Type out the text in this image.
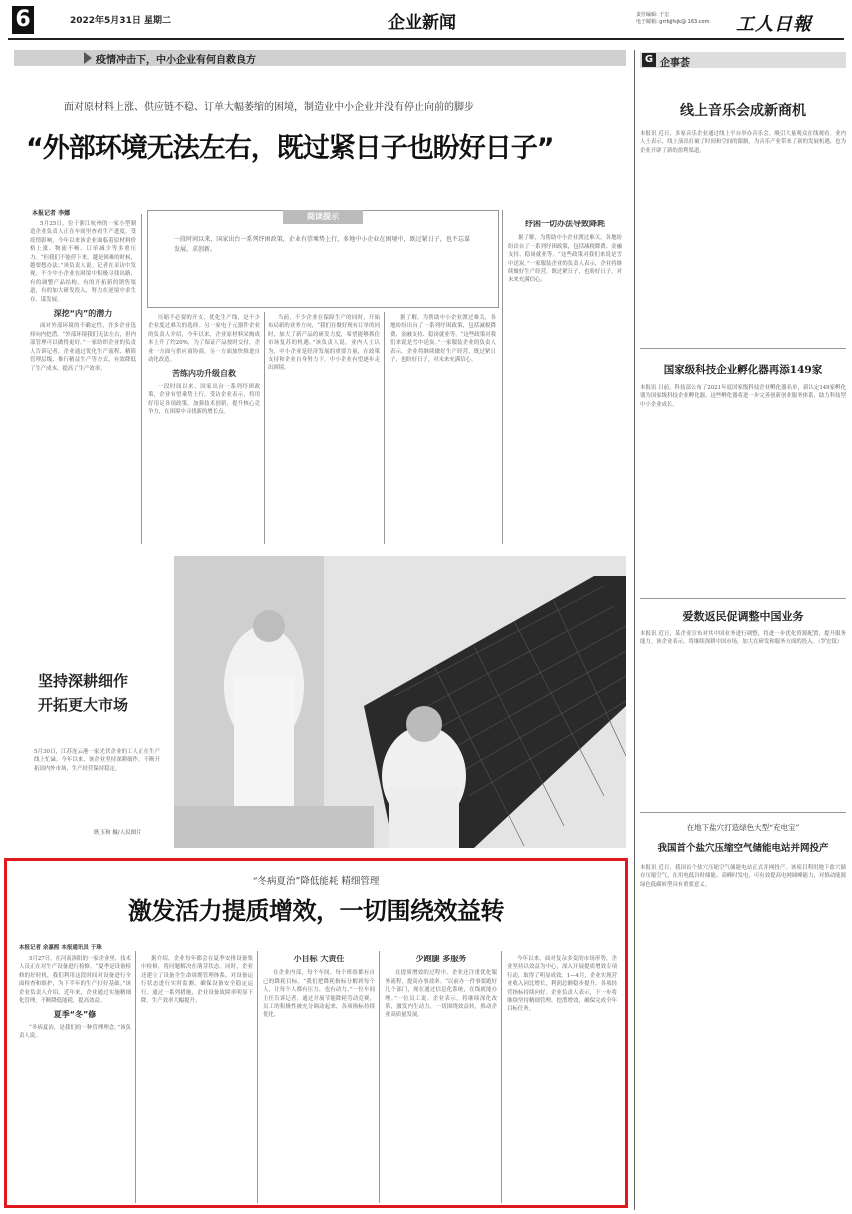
6	2022年5月31日 星期二	企业新闻	责任编辑: 于宏
电子邮箱: grrbjjfsjk@ 163.com	工人日報
疫情冲击下，中小企业有何自救良方
面对原材料上涨、供应链不稳、订单大幅萎缩的困境，制造业中小企业并没有停止向前的脚步
“外部环境无法左右，既过紧日子也盼好日子”
本报记者 李娜

5月25日，位于浙江杭州的一家小型制造企业负责人正在车间里查看生产进度。受疫情影响，今年以来该企业面临着原材料价格上涨、物流不畅、订单减少等多重压力。“但我们不能停下来，越是困难的时候，越要想办法。”该负责人说。记者在采访中发现，不少中小企业在困境中积极寻找出路，有的调整产品结构，有的开拓新的销售渠道，有的加大研发投入，努力在逆境中求生存、谋发展。

深挖“内”的潜力

面对外部环境的不确定性，许多企业选择向内挖潜。“外部环境我们无法左右，但内部管理可以做得更好。”一家纺织企业的负责人告诉记者，企业通过优化生产流程、精简管理层级、推行精益生产等方式，有效降低了生产成本，提高了生产效率。

阅读提示
一段时间以来，国家出台一系列纾困政策，企业有望乘势上行，多地中小企业在困境中，既过紧日子，也不忘谋发展、求创新。

压缩不必要的开支、优化生产线，是不少企业度过难关的选择。另一家电子元器件企业的负责人介绍，今年以来，企业原材料采购成本上升了约20%，为了保证产品按时交付，企业一方面与供应商协商，另一方面加快推进自动化改造。

苦练内功升级自救

一段时间以来，国家出台一系列纾困政策，企业有望乘势上行。受访企业表示，将用好用足各项政策，加强技术创新，提升核心竞争力，在困境中寻找新的增长点。

当前，不少企业在保障生产的同时，开始布局新的业务方向，“我们在做好现有订单的同时，加大了新产品的研发力度，希望能够抓住市场复苏的机遇。”该负责人说。业内人士认为，中小企业是经济发展的重要力量，在政策支持和企业自身努力下，中小企业有望逐步走出困境。

据了解，为帮助中小企业渡过难关，各地纷纷出台了一系列纾困政策，包括减税降费、金融支持、稳岗就业等。“这些政策对我们来说是雪中送炭。”一家服装企业的负责人表示，企业将继续做好生产经营，既过紧日子，也盼好日子，对未来充满信心。

纾困一切办法导致降耗

据了解，为帮助中小企业渡过难关，各地纷纷出台了一系列纾困政策，包括减税降费、金融支持、稳岗就业等。“这些政策对我们来说是雪中送炭。”一家服装企业的负责人表示，企业将继续做好生产经营，既过紧日子，也盼好日子，对未来充满信心。

G 企事荟
线上音乐会成新商机
本报讯 近日，多家音乐企业通过线上平台举办音乐会，吸引大量观众在线观看。业内人士表示，线上演出打破了时间和空间的限制，为音乐产业带来了新的发展机遇，也为企业开辟了新的盈利渠道。
国家级科技企业孵化器再添149家
本报讯 日前，科技部公布了2021年度国家级科技企业孵化器名单，新认定149家孵化器为国家级科技企业孵化器。这些孵化器将进一步完善创新创业服务体系，助力科技型中小企业成长。
爱数返民促调整中国业务
本报讯 近日，某企业宣布对其中国业务进行调整，将进一步优化资源配置，提升服务能力。该企业表示，将继续深耕中国市场，加大在研发和服务方面的投入。（罗宏钗）
在地下盐穴打造绿色大型“充电宝”
我国首个盐穴压缩空气储能电站并网投产
本报讯 近日，我国首个盐穴压缩空气储能电站正式并网投产。该项目利用地下盐穴储存压缩空气，在用电低谷时储能、高峰时发电，可有效提高电网调峰能力，对推动能源绿色低碳转型具有重要意义。
坚持深耕细作
开拓更大市场
5月30日，江苏连云港一家光伏企业的工人正在生产线上忙碌。今年以来，该企业坚持深耕细作，不断开拓国内外市场，生产经营保持稳定。
耿玉和 摄/人民图片
“冬病夏治”降低能耗 精细管理
激发活力提质增效，一切围绕效益转
本报记者 余嘉熙 本报通讯员 于珠

5月27日，在河南洛阳的一家企业里，技术人员正在对生产设备进行检修。“夏季是设备检修的好时机，我们利用这段时间对设备进行全面检查和维护，为下半年的生产打好基础。”该企业负责人介绍。近年来，企业通过实施精细化管理，不断降低能耗，提高效益。

夏季“冬”修

“冬病夏治，是我们的一种管理理念。”该负责人说。

据介绍，企业每年都会在夏季安排设备集中检修，将问题解决在萌芽状态。同时，企业还建立了设备全生命周期管理体系，对设备运行状态进行实时监测，确保设备安全稳定运行。通过一系列措施，企业设备故障率明显下降，生产效率大幅提升。

小目标 大责任

在企业内部，每个车间、每个班组都有自己的降耗目标。“我们把降耗指标分解到每个人，让每个人都有压力，也有动力。”一位车间主任告诉记者，通过开展节能降耗劳动竞赛，员工的积极性被充分调动起来，各项指标持续优化。

少跑腿 多服务

在提质增效的过程中，企业还注重优化服务流程，提高办事效率。“以前办一件事要跑好几个部门，现在通过信息化系统，在线就能办理。”一位员工说。企业表示，将继续深化改革，激发内生动力，一切围绕效益转，推动企业高质量发展。

今年以来，面对复杂多变的市场形势，企业坚持以效益为中心，深入开展提质增效专项行动，取得了明显成效。1—4月，企业实现营业收入同比增长，利润总额稳步提升，各项经营指标持续向好。企业负责人表示，下一步将继续坚持精细管理，挖潜增效，确保完成全年目标任务。
